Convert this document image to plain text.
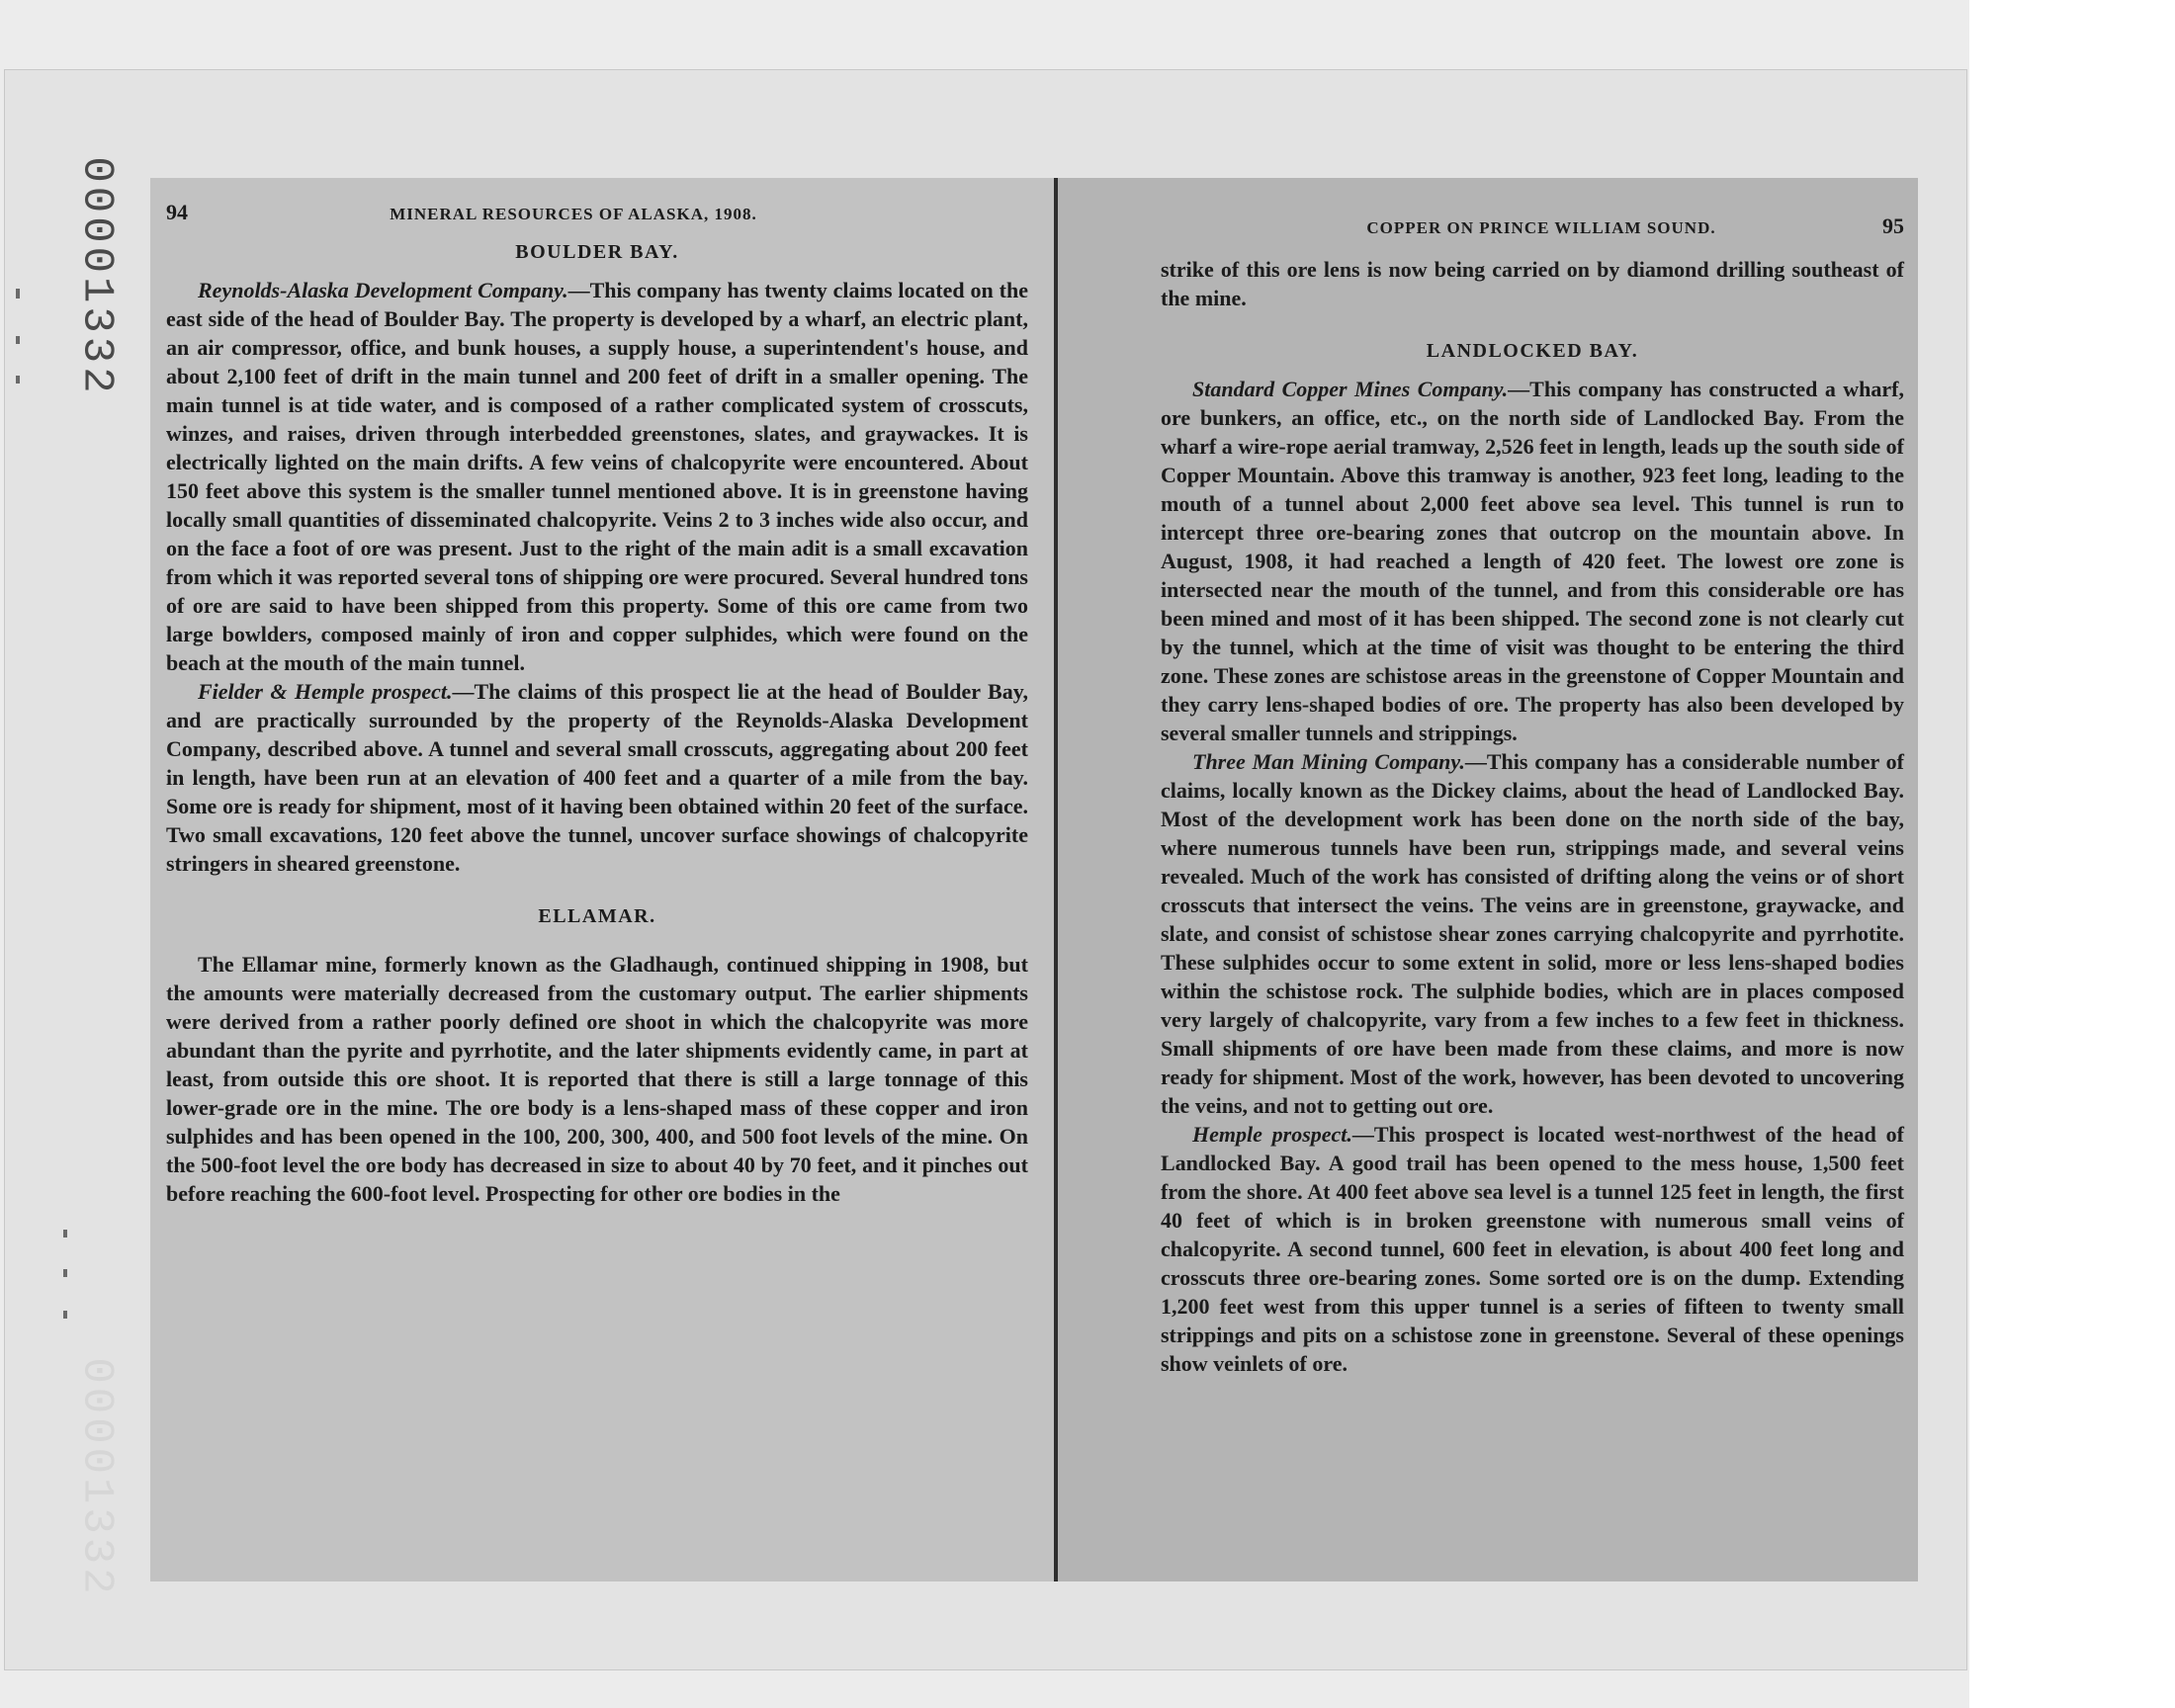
00001332
00001332
94	MINERAL RESOURCES OF ALASKA, 1908.
BOULDER BAY.

Reynolds-Alaska Development Company.—This company has twenty claims located on the east side of the head of Boulder Bay. The property is developed by a wharf, an electric plant, an air compressor, office, and bunk houses, a supply house, a superintendent's house, and about 2,100 feet of drift in the main tunnel and 200 feet of drift in a smaller opening. The main tunnel is at tide water, and is composed of a rather complicated system of crosscuts, winzes, and raises, driven through interbedded greenstones, slates, and graywackes. It is electrically lighted on the main drifts. A few veins of chalcopyrite were encountered. About 150 feet above this system is the smaller tunnel mentioned above. It is in greenstone having locally small quantities of disseminated chalcopyrite. Veins 2 to 3 inches wide also occur, and on the face a foot of ore was present. Just to the right of the main adit is a small excavation from which it was reported several tons of shipping ore were procured. Several hundred tons of ore are said to have been shipped from this property. Some of this ore came from two large bowlders, composed mainly of iron and copper sulphides, which were found on the beach at the mouth of the main tunnel.

Fielder & Hemple prospect.—The claims of this prospect lie at the head of Boulder Bay, and are practically surrounded by the property of the Reynolds-Alaska Development Company, described above. A tunnel and several small crosscuts, aggregating about 200 feet in length, have been run at an elevation of 400 feet and a quarter of a mile from the bay. Some ore is ready for shipment, most of it having been obtained within 20 feet of the surface. Two small excavations, 120 feet above the tunnel, uncover surface showings of chalcopyrite stringers in sheared greenstone.

ELLAMAR.

The Ellamar mine, formerly known as the Gladhaugh, continued shipping in 1908, but the amounts were materially decreased from the customary output. The earlier shipments were derived from a rather poorly defined ore shoot in which the chalcopyrite was more abundant than the pyrite and pyrrhotite, and the later shipments evidently came, in part at least, from outside this ore shoot. It is reported that there is still a large tonnage of this lower-grade ore in the mine. The ore body is a lens-shaped mass of these copper and iron sulphides and has been opened in the 100, 200, 300, 400, and 500 foot levels of the mine. On the 500-foot level the ore body has decreased in size to about 40 by 70 feet, and it pinches out before reaching the 600-foot level. Prospecting for other ore bodies in the

COPPER ON PRINCE WILLIAM SOUND.	95

strike of this ore lens is now being carried on by diamond drilling southeast of the mine.

LANDLOCKED BAY.

Standard Copper Mines Company.—This company has constructed a wharf, ore bunkers, an office, etc., on the north side of Landlocked Bay. From the wharf a wire-rope aerial tramway, 2,526 feet in length, leads up the south side of Copper Mountain. Above this tramway is another, 923 feet long, leading to the mouth of a tunnel about 2,000 feet above sea level. This tunnel is run to intercept three ore-bearing zones that outcrop on the mountain above. In August, 1908, it had reached a length of 420 feet. The lowest ore zone is intersected near the mouth of the tunnel, and from this considerable ore has been mined and most of it has been shipped. The second zone is not clearly cut by the tunnel, which at the time of visit was thought to be entering the third zone. These zones are schistose areas in the greenstone of Copper Mountain and they carry lens-shaped bodies of ore. The property has also been developed by several smaller tunnels and strippings.

Three Man Mining Company.—This company has a considerable number of claims, locally known as the Dickey claims, about the head of Landlocked Bay. Most of the development work has been done on the north side of the bay, where numerous tunnels have been run, strippings made, and several veins revealed. Much of the work has consisted of drifting along the veins or of short crosscuts that intersect the veins. The veins are in greenstone, graywacke, and slate, and consist of schistose shear zones carrying chalcopyrite and pyrrhotite. These sulphides occur to some extent in solid, more or less lens-shaped bodies within the schistose rock. The sulphide bodies, which are in places composed very largely of chalcopyrite, vary from a few inches to a few feet in thickness. Small shipments of ore have been made from these claims, and more is now ready for shipment. Most of the work, however, has been devoted to uncovering the veins, and not to getting out ore.

Hemple prospect.—This prospect is located west-northwest of the head of Landlocked Bay. A good trail has been opened to the mess house, 1,500 feet from the shore. At 400 feet above sea level is a tunnel 125 feet in length, the first 40 feet of which is in broken greenstone with numerous small veins of chalcopyrite. A second tunnel, 600 feet in elevation, is about 400 feet long and crosscuts three ore-bearing zones. Some sorted ore is on the dump. Extending 1,200 feet west from this upper tunnel is a series of fifteen to twenty small strippings and pits on a schistose zone in greenstone. Several of these openings show veinlets of ore.
